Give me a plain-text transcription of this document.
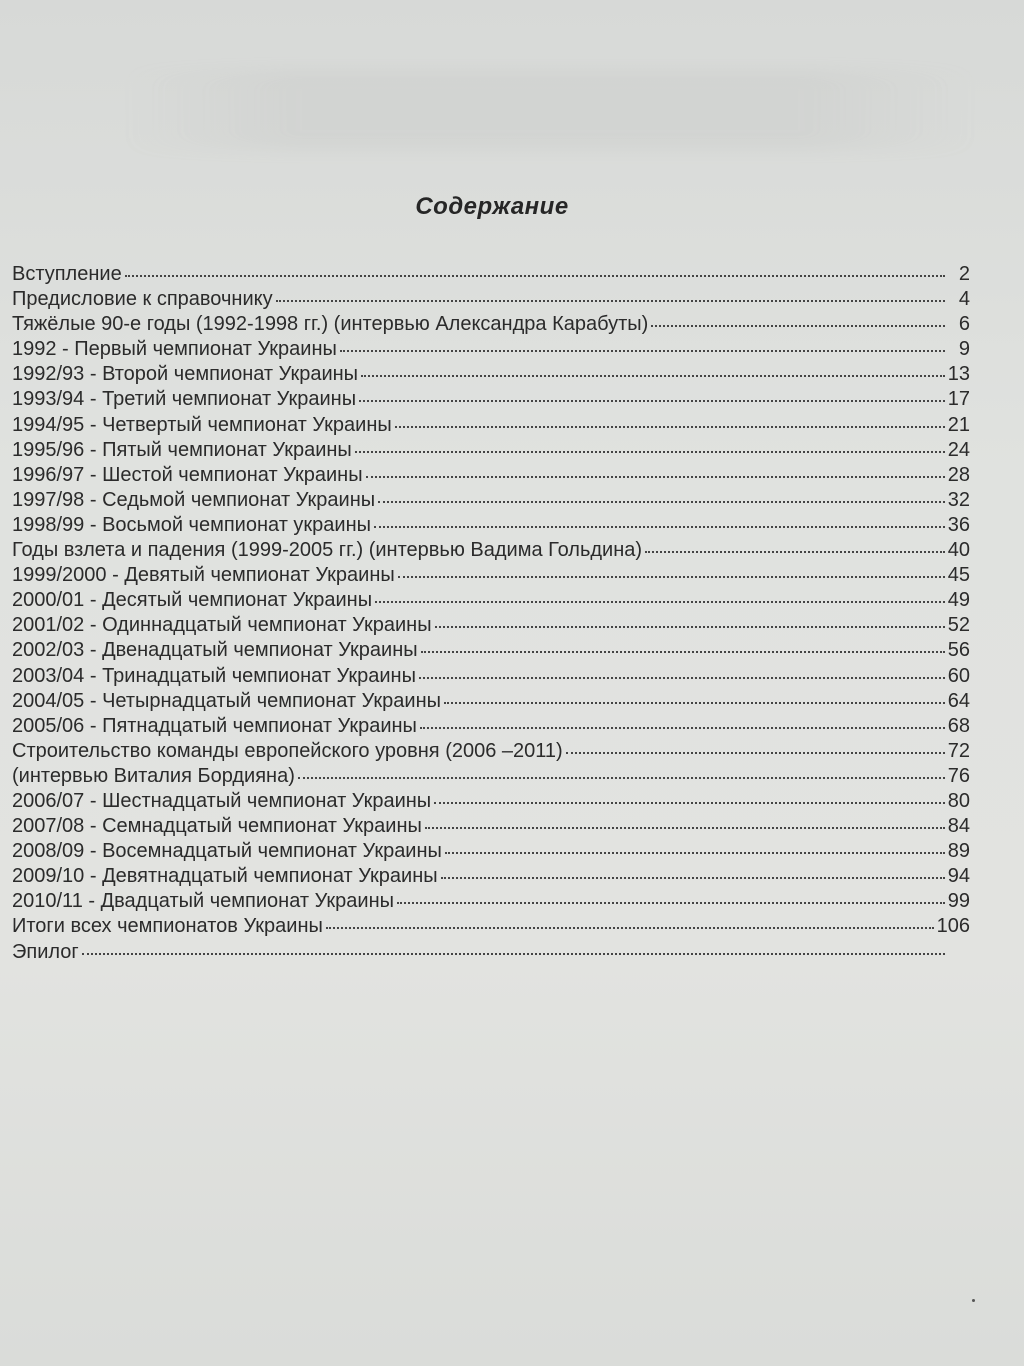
Содержание
Вступление	2
Предисловие к справочнику	4
Тяжёлые 90-е годы (1992-1998 гг.) (интервью Александра Карабуты)	6
1992 - Первый чемпионат Украины	9
1992/93 - Второй чемпионат Украины	13
1993/94 - Третий чемпионат Украины	17
1994/95 - Четвертый чемпионат Украины	21
1995/96 - Пятый чемпионат Украины	24
1996/97 - Шестой чемпионат Украины	28
1997/98 - Седьмой чемпионат Украины	32
1998/99 - Восьмой чемпионат украины	36
Годы взлета и падения (1999-2005 гг.) (интервью Вадима Гольдина)	40
1999/2000 - Девятый чемпионат Украины	45
2000/01 - Десятый чемпионат Украины	49
2001/02 - Одиннадцатый чемпионат Украины	52
2002/03 - Двенадцатый чемпионат Украины	56
2003/04 - Тринадцатый чемпионат Украины	60
2004/05 - Четырнадцатый чемпионат Украины	64
2005/06 - Пятнадцатый чемпионат Украины	68
Строительство команды европейского уровня (2006 –2011)	72
(интервью Виталия Бордияна)	76
2006/07 - Шестнадцатый чемпионат Украины	80
2007/08 - Семнадцатый чемпионат Украины	84
2008/09 - Восемнадцатый чемпионат Украины	89
2009/10 - Девятнадцатый чемпионат Украины	94
2010/11 - Двадцатый чемпионат Украины	99
Итоги всех чемпионатов Украины	106
Эпилог
